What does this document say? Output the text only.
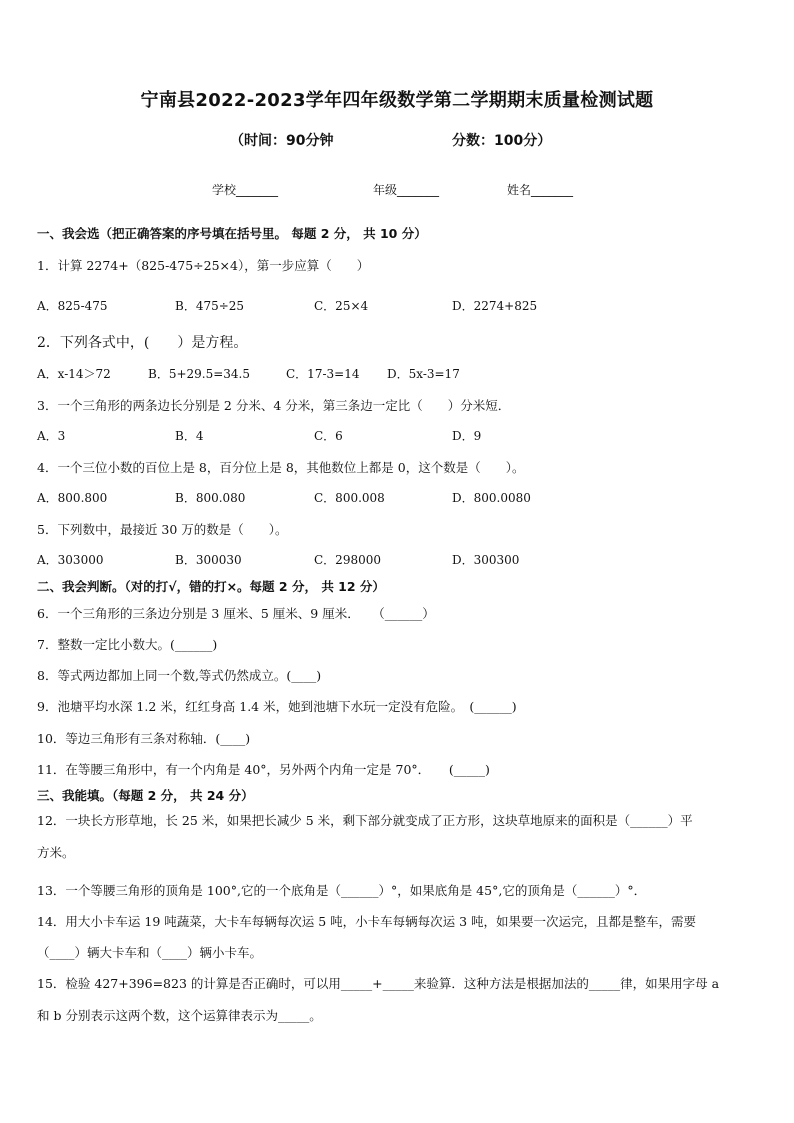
宁南县2022-2023学年四年级数学第二学期期末质量检测试题
（时间：90分钟	分数：100分）
学校_______	年级_______	姓名_______
一、我会选（把正确答案的序号填在括号里。 每题 2 分， 共 10 分）
1．计算 2274+（825-475÷25×4），第一步应算（　　）
A．825-475	B．475÷25	C．25×4	D．2274+825
2．下列各式中，(　　）是方程。
A．x-14＞72	B．5+29.5=34.5	C．17-3=14 D．5x-3=17
3．一个三角形的两条边长分别是 2 分米、4 分米，第三条边一定比（　　）分米短．
A．3	B．4	C．6	D．9
4．一个三位小数的百位上是 8，百分位上是 8，其他数位上都是 0，这个数是（　　）。
A．800.800	B．800.080	C．800.008	D．800.0080
5．下列数中，最接近 30 万的数是（　　）。
A．303000	B．300030	C．298000	D．300300
二、我会判断。（对的打√，错的打×。每题 2 分， 共 12 分）
6．一个三角形的三条边分别是 3 厘米、5 厘米、9 厘米．　　（______）
7．整数一定比小数大。(______)
8．等式两边都加上同一个数,等式仍然成立。(____)
9．池塘平均水深 1.2 米，红红身高 1.4 米，她到池塘下水玩一定没有危险。　(______)
10．等边三角形有三条对称轴．(____)
11．在等腰三角形中，有一个内角是 40°，另外两个内角一定是 70°．　　(_____)
三、我能填。（每题 2 分， 共 24 分）
12．一块长方形草地，长 25 米，如果把长减少 5 米，剩下部分就变成了正方形，这块草地原来的面积是（______）平
方米。
13．一个等腰三角形的顶角是 100°,它的一个底角是（______）°，如果底角是 45°,它的顶角是（______）°．
14．用大小卡车运 19 吨蔬菜，大卡车每辆每次运 5 吨，小卡车每辆每次运 3 吨，如果要一次运完，且都是整车，需要
（____）辆大卡车和（____）辆小卡车。
15．检验 427+396=823 的计算是否正确时，可以用_____+_____来验算．这种方法是根据加法的_____律，如果用字母 a
和 b 分别表示这两个数，这个运算律表示为_____。
